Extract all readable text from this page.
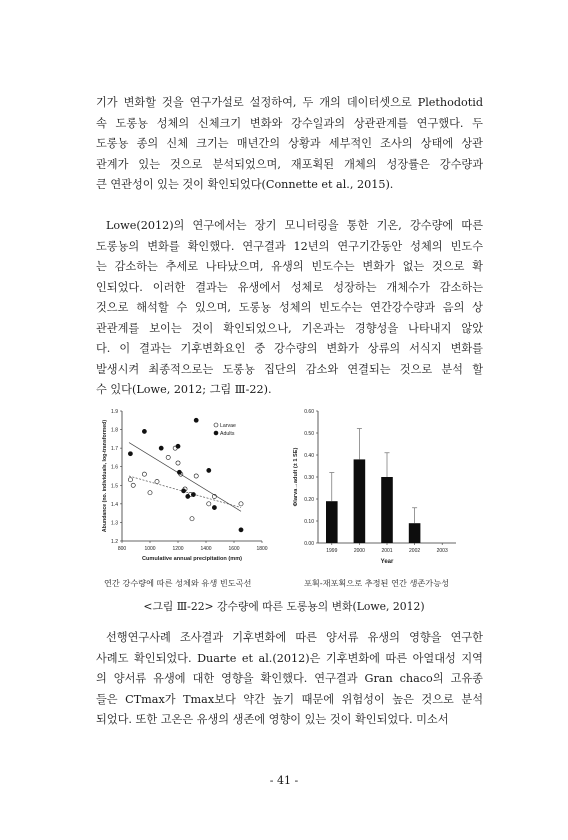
기가 변화할 것을 연구가설로 설정하여, 두 개의 데이터셋으로 Plethodotid
속 도롱뇽 성체의 신체크기 변화와 강수일과의 상관관계를 연구했다. 두
도롱뇽 종의 신체 크기는 매년간의 상황과 세부적인 조사의 상태에 상관
관계가 있는 것으로 분석되었으며, 재포획된 개체의 성장률은 강수량과
큰 연관성이 있는 것이 확인되었다(Connette et al., 2015).

Lowe(2012)의 연구에서는 장기 모니터링을 통한 기온, 강수량에 따른
도롱뇽의 변화를 확인했다. 연구결과 12년의 연구기간동안 성체의 빈도수
는 감소하는 추세로 나타났으며, 유생의 빈도수는 변화가 없는 것으로 확
인되었다. 이러한 결과는 유생에서 성체로 성장하는 개체수가 감소하는
것으로 해석할 수 있으며, 도롱뇽 성체의 빈도수는 연간강수량과 음의 상
관관계를 보이는 것이 확인되었으나, 기온과는 경향성을 나타내지 않았
다. 이 결과는 기후변화요인 중 강수량의 변화가 상류의 서식지 변화를
발생시켜 최종적으로는 도롱뇽 집단의 감소와 연결되는 것으로 분석 할
수 있다(Lowe, 2012; 그림 Ⅲ-22).

1.2
1.3
1.4
1.5
1.6
1.7
1.8
1.9
800	1000	1200	1400	1600	1800
Cumulative annual precipitation (mm)
Abundance (no. individuals, log-transformed)	Larvae
Adults
연간 강수량에 따른 성체와 유생 빈도곡선
0.00
0.10
0.20
0.30
0.40
0.50
0.60
1999	2000	2001	2002	2003
Year
Φlarva→adult (± 1 SE)
포획-재포획으로 추정된 연간 생존가능성
<그림 Ⅲ-22> 강수량에 따른 도롱뇽의 변화(Lowe, 2012)

선행연구사례 조사결과 기후변화에 따른 양서류 유생의 영향을 연구한
사례도 확인되었다. Duarte et al.(2012)은 기후변화에 따른 아열대성 지역
의 양서류 유생에 대한 영향을 확인했다. 연구결과 Gran chaco의 고유종
들은 CTmax가 Tmax보다 약간 높기 때문에 위험성이 높은 것으로 분석
되었다. 또한 고온은 유생의 생존에 영향이 있는 것이 확인되었다. 미소서

- 41 -
